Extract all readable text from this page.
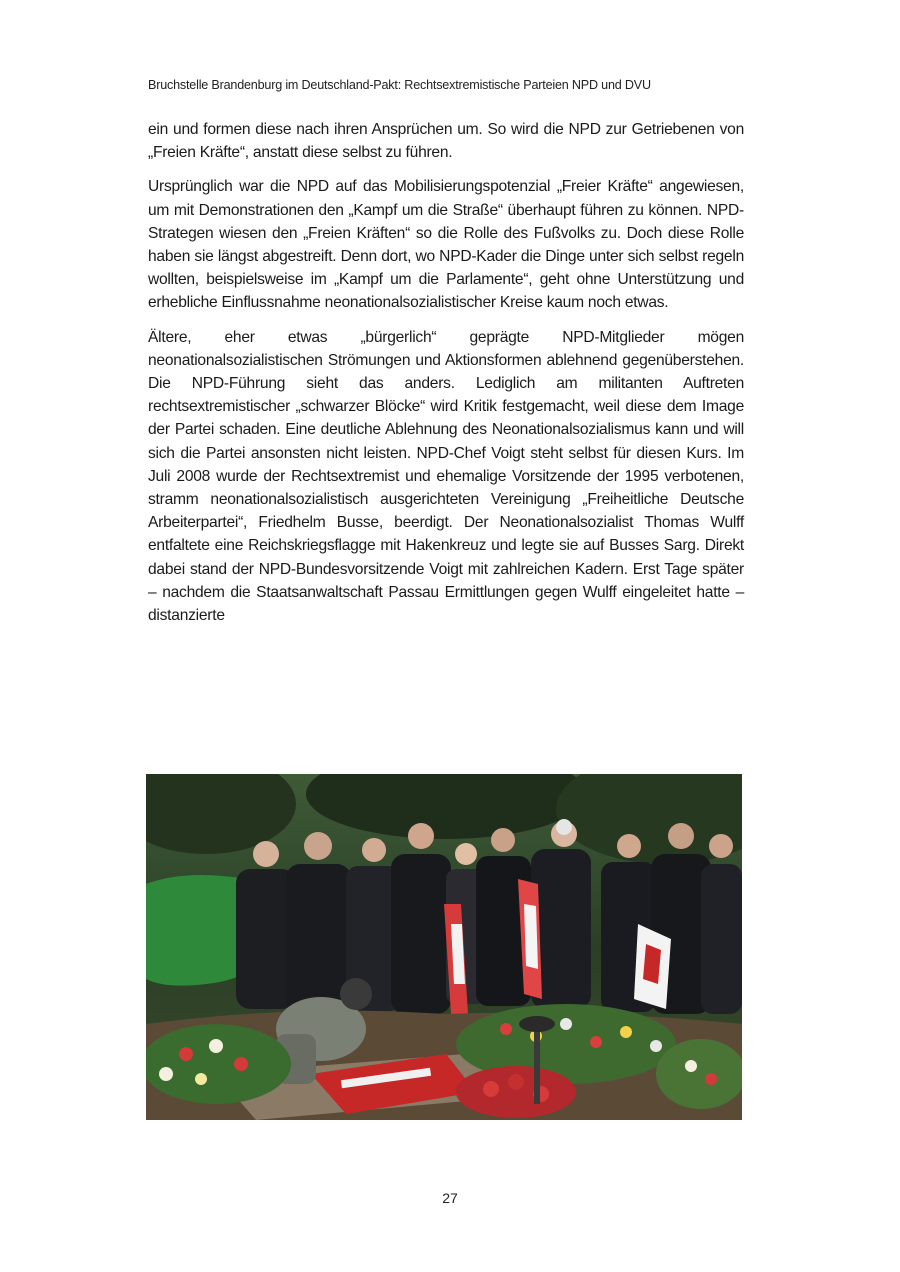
Bruchstelle Brandenburg im Deutschland-Pakt: Rechtsextremistische Parteien NPD und DVU

ein und formen diese nach ihren Ansprüchen um. So wird die NPD zur Getriebenen von „Freien Kräfte“, anstatt diese selbst zu führen.

Ursprünglich war die NPD auf das Mobilisierungspotenzial „Freier Kräfte“ angewiesen, um mit Demonstrationen den „Kampf um die Straße“ überhaupt führen zu können. NPD-Strategen wiesen den „Freien Kräften“ so die Rolle des Fußvolks zu. Doch diese Rolle haben sie längst abgestreift. Denn dort, wo NPD-Kader die Dinge unter sich selbst regeln wollten, beispielsweise im „Kampf um die Parlamente“, geht ohne Unterstützung und erhebliche Einflussnahme neonationalsozialistischer Kreise kaum noch etwas.

Ältere, eher etwas „bürgerlich“ geprägte NPD-Mitglieder mögen neonationalsozialistischen Strömungen und Aktionsformen ablehnend gegenüberstehen. Die NPD-Führung sieht das anders. Lediglich am militanten Auftreten rechtsextremistischer „schwarzer Blöcke“ wird Kritik festgemacht, weil diese dem Image der Partei schaden. Eine deutliche Ablehnung des Neonationalsozialismus kann und will sich die Partei ansonsten nicht leisten. NPD-Chef Voigt steht selbst für diesen Kurs. Im Juli 2008 wurde der Rechtsextremist und ehemalige Vorsitzende der 1995 verbotenen, stramm neonationalsozialistisch ausgerichteten Vereinigung „Freiheitliche Deutsche Arbeiterpartei“, Friedhelm Busse, beerdigt. Der Neonationalsozialist Thomas Wulff entfaltete eine Reichskriegsflagge mit Hakenkreuz und legte sie auf Busses Sarg. Direkt dabei stand der NPD-Bundesvorsitzende Voigt mit zahlreichen Kadern. Erst Tage später – nachdem die Staatsanwaltschaft Passau Ermittlungen gegen Wulff eingeleitet hatte – distanzierte

27
